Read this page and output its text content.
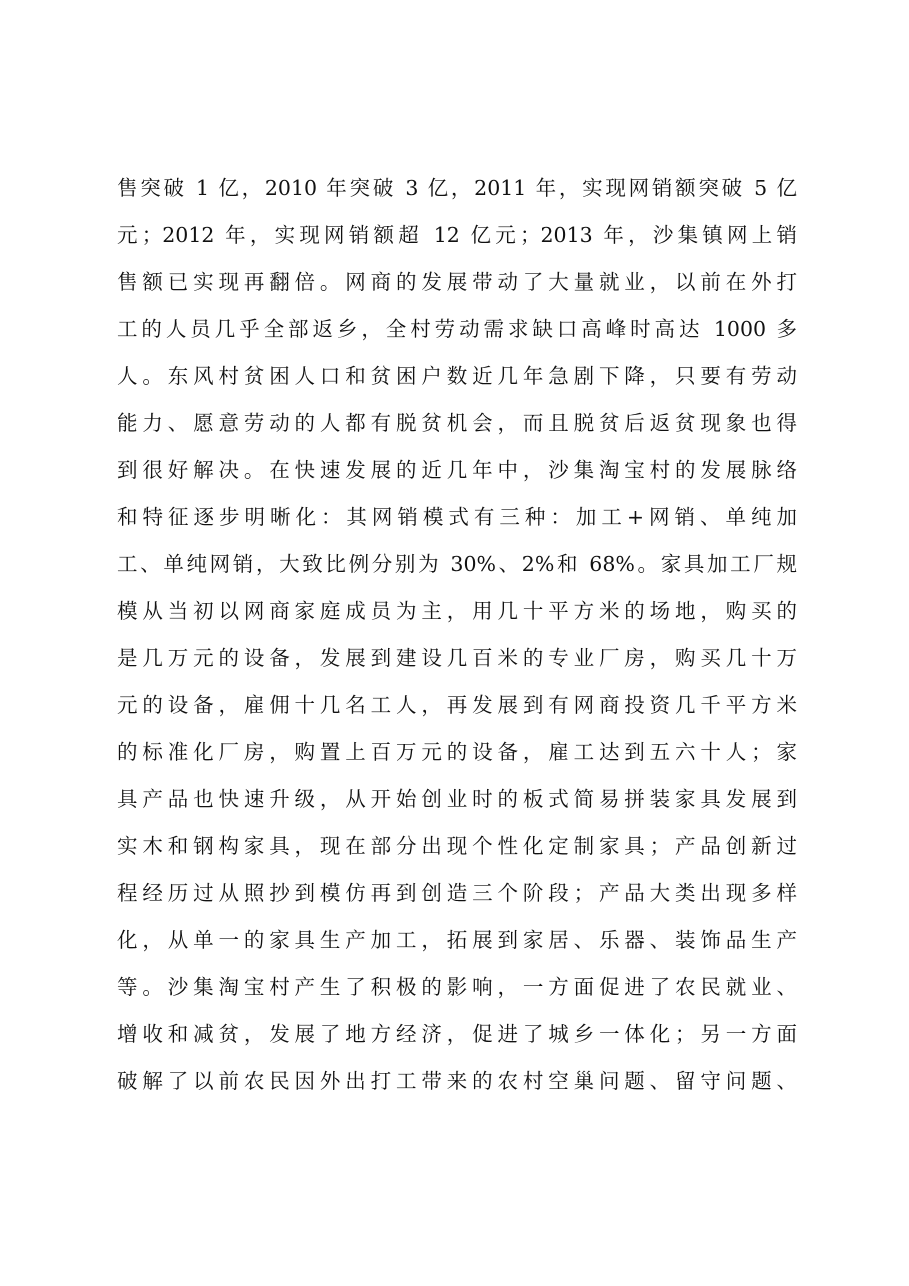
售突破 1 亿，2010 年突破 3 亿，2011 年，实现网销额突破 5 亿
元；2012 年，实现网销额超 12 亿元；2013 年，沙集镇网上销
售额已实现再翻倍。网商的发展带动了大量就业，以前在外打
工的人员几乎全部返乡，全村劳动需求缺口高峰时高达 1000 多
人。东风村贫困人口和贫困户数近几年急剧下降，只要有劳动
能力、愿意劳动的人都有脱贫机会，而且脱贫后返贫现象也得
到很好解决。在快速发展的近几年中，沙集淘宝村的发展脉络
和特征逐步明晰化：其网销模式有三种：加工+网销、单纯加
工、单纯网销，大致比例分别为 30%、2%和 68%。家具加工厂规
模从当初以网商家庭成员为主，用几十平方米的场地，购买的
是几万元的设备，发展到建设几百米的专业厂房，购买几十万
元的设备，雇佣十几名工人，再发展到有网商投资几千平方米
的标准化厂房，购置上百万元的设备，雇工达到五六十人；家
具产品也快速升级，从开始创业时的板式简易拼装家具发展到
实木和钢构家具，现在部分出现个性化定制家具；产品创新过
程经历过从照抄到模仿再到创造三个阶段；产品大类出现多样
化，从单一的家具生产加工，拓展到家居、乐器、装饰品生产
等。沙集淘宝村产生了积极的影响，一方面促进了农民就业、
增收和减贫，发展了地方经济，促进了城乡一体化；另一方面
破解了以前农民因外出打工带来的农村空巢问题、留守问题、
